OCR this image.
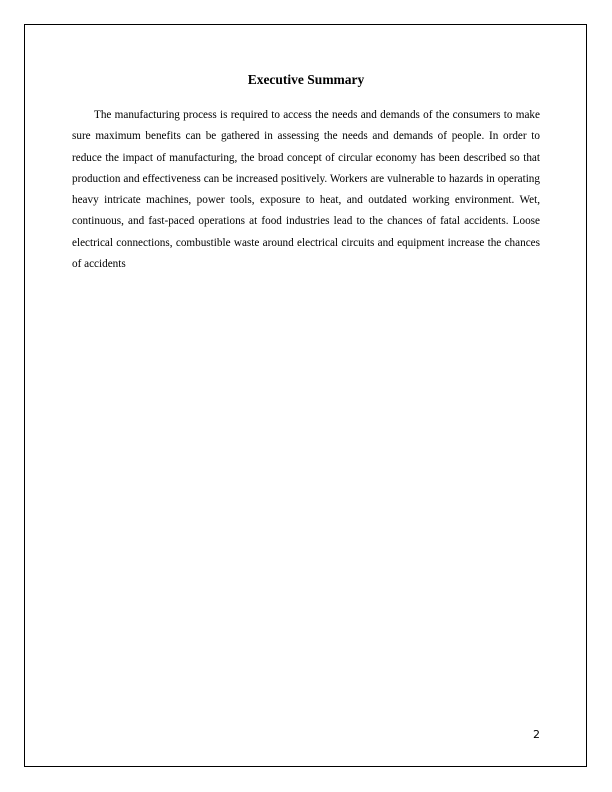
Executive Summary

The manufacturing process is required to access the needs and demands of the consumers to make sure maximum benefits can be gathered in assessing the needs and demands of people. In order to reduce the impact of manufacturing, the broad concept of circular economy has been described so that production and effectiveness can be increased positively. Workers are vulnerable to hazards in operating heavy intricate machines, power tools, exposure to heat, and outdated working environment. Wet, continuous, and fast-paced operations at food industries lead to the chances of fatal accidents. Loose electrical connections, combustible waste around electrical circuits and equipment increase the chances of accidents

2
